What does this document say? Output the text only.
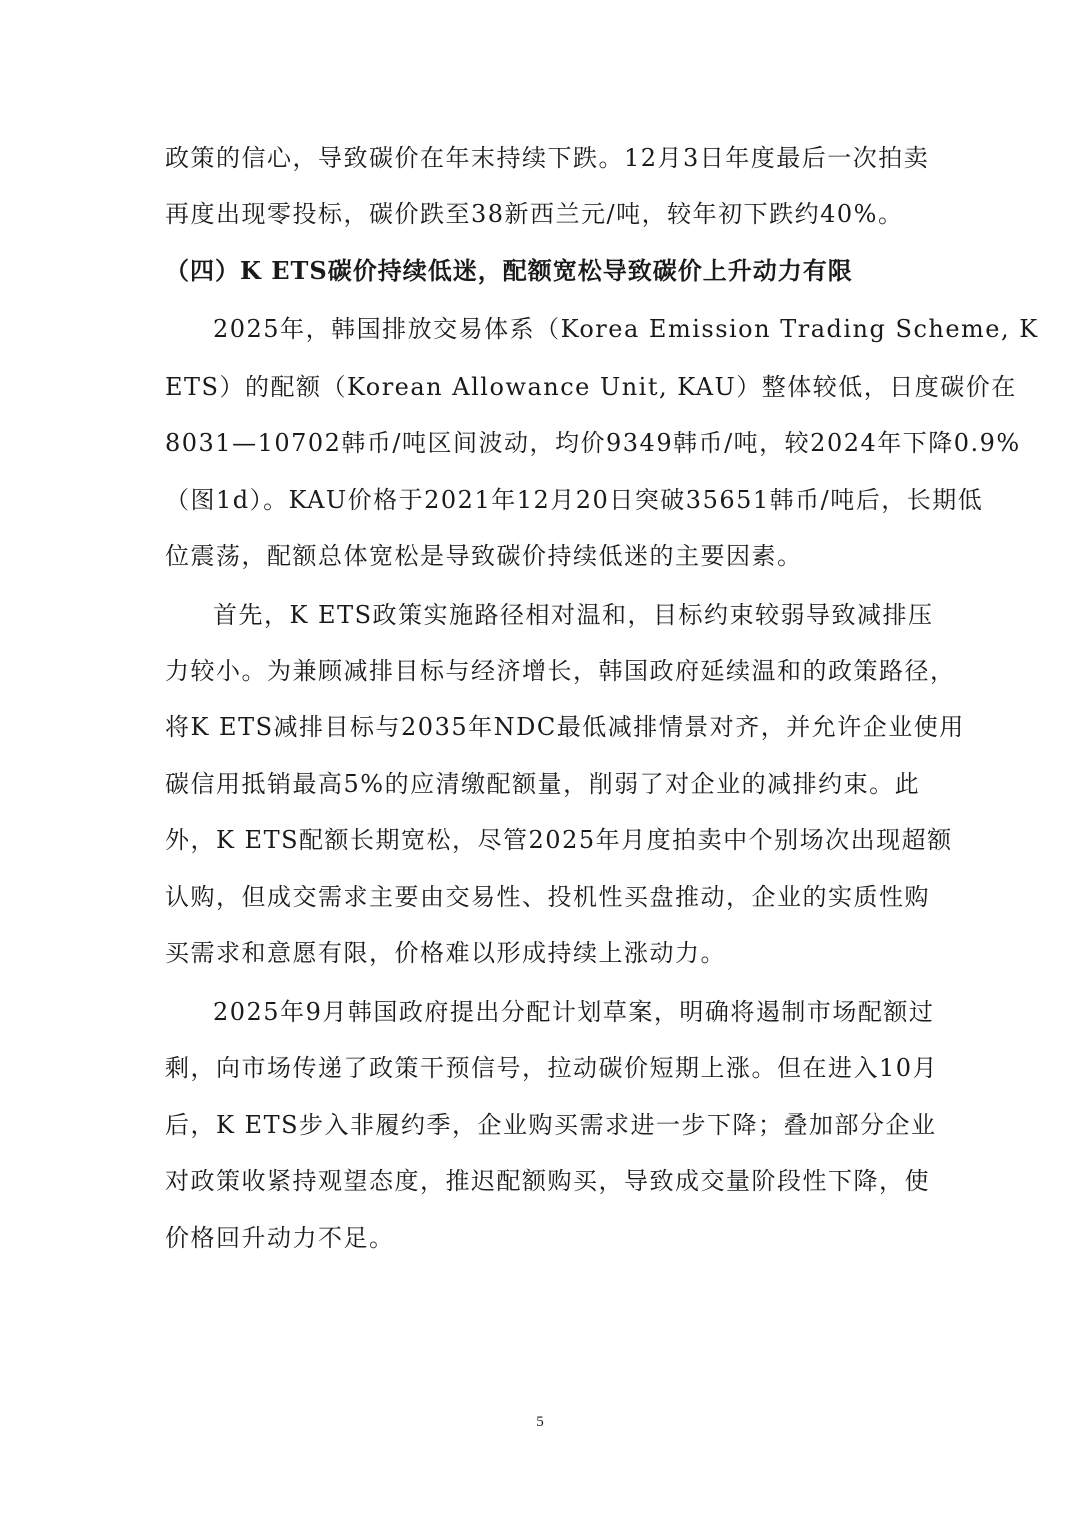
政策的信心，导致碳价在年末持续下跌。12月3日年度最后一次拍卖
再度出现零投标，碳价跌至38新西兰元/吨，较年初下跌约40%。
（四）K ETS碳价持续低迷，配额宽松导致碳价上升动力有限
2025年，韩国排放交易体系（Korea Emission Trading Scheme, K
ETS）的配额（Korean Allowance Unit, KAU）整体较低，日度碳价在
8031—10702韩币/吨区间波动，均价9349韩币/吨，较2024年下降0.9%
（图1d）。KAU价格于2021年12月20日突破35651韩币/吨后，长期低
位震荡，配额总体宽松是导致碳价持续低迷的主要因素。
首先，K ETS政策实施路径相对温和，目标约束较弱导致减排压
力较小。为兼顾减排目标与经济增长，韩国政府延续温和的政策路径，
将K ETS减排目标与2035年NDC最低减排情景对齐，并允许企业使用
碳信用抵销最高5%的应清缴配额量，削弱了对企业的减排约束。此
外，K ETS配额长期宽松，尽管2025年月度拍卖中个别场次出现超额
认购，但成交需求主要由交易性、投机性买盘推动，企业的实质性购
买需求和意愿有限，价格难以形成持续上涨动力。
2025年9月韩国政府提出分配计划草案，明确将遏制市场配额过
剩，向市场传递了政策干预信号，拉动碳价短期上涨。但在进入10月
后，K ETS步入非履约季，企业购买需求进一步下降；叠加部分企业
对政策收紧持观望态度，推迟配额购买，导致成交量阶段性下降，使
价格回升动力不足。
5
